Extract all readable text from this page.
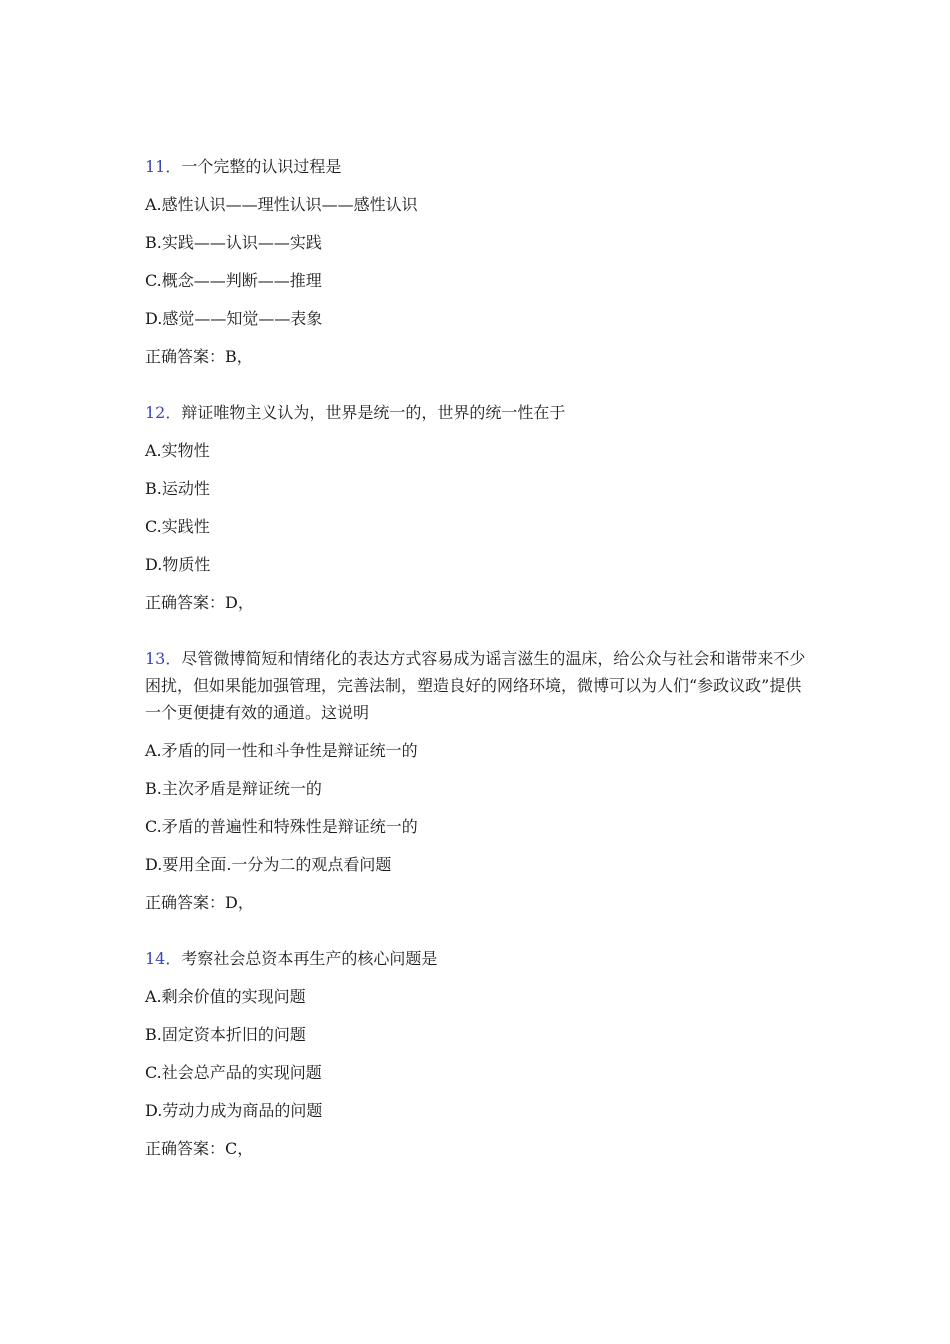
11．一个完整的认识过程是

A.感性认识——理性认识——感性认识

B.实践——认识——实践

C.概念——判断——推理

D.感觉——知觉——表象

正确答案：B，

12．辩证唯物主义认为，世界是统一的，世界的统一性在于

A.实物性

B.运动性

C.实践性

D.物质性

正确答案：D，

13．尽管微博简短和情绪化的表达方式容易成为谣言滋生的温床，给公众与社会和谐带来不少困扰，但如果能加强管理，完善法制，塑造良好的网络环境，微博可以为人们“参政议政”提供一个更便捷有效的通道。这说明

A.矛盾的同一性和斗争性是辩证统一的

B.主次矛盾是辩证统一的

C.矛盾的普遍性和特殊性是辩证统一的

D.要用全面.一分为二的观点看问题

正确答案：D，

14．考察社会总资本再生产的核心问题是

A.剩余价值的实现问题

B.固定资本折旧的问题

C.社会总产品的实现问题

D.劳动力成为商品的问题

正确答案：C，
